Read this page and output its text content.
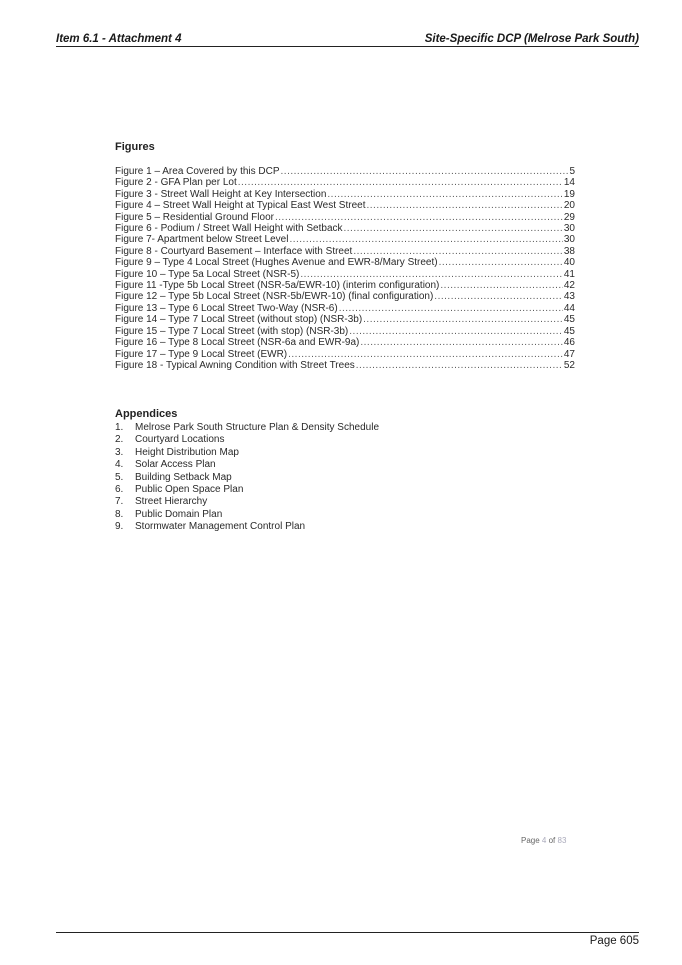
Item 6.1 - Attachment 4	Site-Specific DCP (Melrose Park South)
Figures
Figure 1 – Area Covered by this DCP .....	5
Figure 2 - GFA Plan per Lot .....	14
Figure 3 - Street Wall Height at Key Intersection .....	19
Figure 4 – Street Wall Height at Typical East West Street .....	20
Figure 5 – Residential Ground Floor .....	29
Figure 6 - Podium / Street Wall Height with Setback .....	30
Figure 7- Apartment below Street Level .....	30
Figure 8 - Courtyard Basement – Interface with Street .....	38
Figure 9 – Type 4 Local Street (Hughes Avenue and EWR-8/Mary Street) .....	40
Figure 10 – Type 5a Local Street (NSR-5) .....	41
Figure 11 -Type 5b Local Street (NSR-5a/EWR-10) (interim configuration) .....	42
Figure 12 – Type 5b Local Street (NSR-5b/EWR-10) (final configuration) .....	43
Figure 13 – Type 6 Local Street Two-Way (NSR-6) .....	44
Figure 14 – Type 7 Local Street (without stop) (NSR-3b) .....	45
Figure 15 – Type 7 Local Street (with stop) (NSR-3b) .....	45
Figure 16 – Type 8 Local Street (NSR-6a and EWR-9a) .....	46
Figure 17 – Type 9 Local Street (EWR) .....	47
Figure 18 - Typical Awning Condition with Street Trees .....	52
Appendices
1.	Melrose Park South Structure Plan & Density Schedule
2.	Courtyard Locations
3.	Height Distribution Map
4.	Solar Access Plan
5.	Building Setback Map
6.	Public Open Space Plan
7.	Street Hierarchy
8.	Public Domain Plan
9.	Stormwater Management Control Plan
Page 4 of 83
Page 605
